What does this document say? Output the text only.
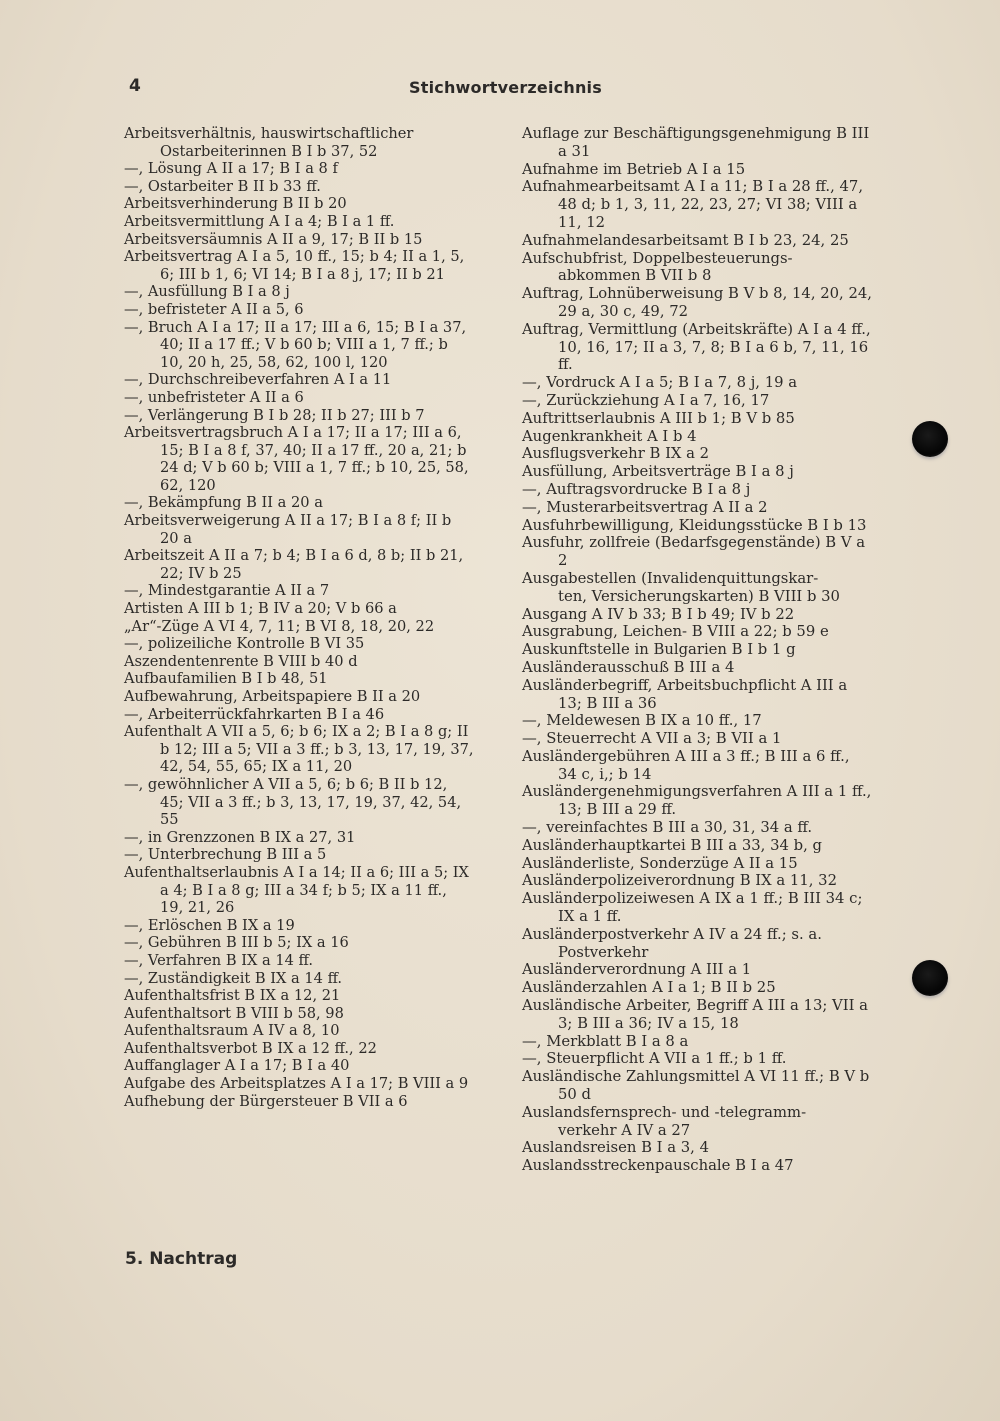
4	Stichwortverzeichnis

Arbeitsverhältnis, hauswirtschaftlicher
Ostarbeiterinnen B I b 37, 52

—, Lösung A II a 17; B I a 8 f

—, Ostarbeiter B II b 33 ff.

Arbeitsverhinderung B II b 20

Arbeitsvermittlung A I a 4; B I a 1 ff.

Arbeitsversäumnis A II a 9, 17; B II b 15

Arbeitsvertrag A I a 5, 10 ff., 15; b 4; II a 1, 5, 6; III b 1, 6; VI 14; B I a 8 j, 17; II b 21

—, Ausfüllung B I a 8 j

—, befristeter A II a 5, 6

—, Bruch A I a 17; II a 17; III a 6, 15; B I a 37, 40; II a 17 ff.; V b 60 b; VIII a 1, 7 ff.; b 10, 20 h, 25, 58, 62, 100 l, 120

—, Durchschreibeverfahren A I a 11

—, unbefristeter A II a 6

—, Verlängerung B I b 28; II b 27; III b 7

Arbeitsvertragsbruch A I a 17; II a 17; III a 6, 15; B I a 8 f, 37, 40; II a 17 ff., 20 a, 21; b 24 d; V b 60 b; VIII a 1, 7 ff.; b 10, 25, 58, 62, 120

—, Bekämpfung B II a 20 a

Arbeitsverweigerung A II a 17; B I a 8 f; II b 20 a

Arbeitszeit A II a 7; b 4; B I a 6 d, 8 b; II b 21, 22; IV b 25

—, Mindestgarantie A II a 7

Artisten A III b 1; B IV a 20; V b 66 a

„Ar“-Züge A VI 4, 7, 11; B VI 8, 18, 20, 22

—, polizeiliche Kontrolle B VI 35

Aszendentenrente B VIII b 40 d

Aufbaufamilien B I b 48, 51

Aufbewahrung, Arbeitspapiere B II a 20

—, Arbeiterrückfahrkarten B I a 46

Aufenthalt A VII a 5, 6; b 6; IX a 2; B I a 8 g; II b 12; III a 5; VII a 3 ff.; b 3, 13, 17, 19, 37, 42, 54, 55, 65; IX a 11, 20

—, gewöhnlicher A VII a 5, 6; b 6; B II b 12, 45; VII a 3 ff.; b 3, 13, 17, 19, 37, 42, 54, 55

—, in Grenzzonen B IX a 27, 31

—, Unterbrechung B III a 5

Aufenthaltserlaubnis A I a 14; II a 6; III a 5; IX a 4; B I a 8 g; III a 34 f; b 5; IX a 11 ff., 19, 21, 26

—, Erlöschen B IX a 19

—, Gebühren B III b 5; IX a 16

—, Verfahren B IX a 14 ff.

—, Zuständigkeit B IX a 14 ff.

Aufenthaltsfrist B IX a 12, 21

Aufenthaltsort B VIII b 58, 98

Aufenthaltsraum A IV a 8, 10

Aufenthaltsverbot B IX a 12 ff., 22

Auffanglager A I a 17; B I a 40

Aufgabe des Arbeitsplatzes A I a 17; B VIII a 9

Aufhebung der Bürgersteuer B VII a 6

Auflage zur Beschäftigungsgenehmigung B III a 31

Aufnahme im Betrieb A I a 15

Aufnahmearbeitsamt A I a 11; B I a 28 ff., 47, 48 d; b 1, 3, 11, 22, 23, 27; VI 38; VIII a 11, 12

Aufnahmelandesarbeitsamt B I b 23, 24, 25

Aufschubfrist, Doppelbesteuerungs-
abkommen B VII b 8

Auftrag, Lohnüberweisung B V b 8, 14, 20, 24, 29 a, 30 c, 49, 72

Auftrag, Vermittlung (Arbeitskräfte) A I a 4 ff., 10, 16, 17; II a 3, 7, 8; B I a 6 b, 7, 11, 16 ff.

—, Vordruck A I a 5; B I a 7, 8 j, 19 a

—, Zurückziehung A I a 7, 16, 17

Auftrittserlaubnis A III b 1; B V b 85

Augenkrankheit A I b 4

Ausflugsverkehr B IX a 2

Ausfüllung, Arbeitsverträge B I a 8 j

—, Auftragsvordrucke B I a 8 j

—, Musterarbeitsvertrag A II a 2

Ausfuhrbewilligung, Kleidungsstücke B I b 13

Ausfuhr, zollfreie (Bedarfsgegenstände) B V a 2

Ausgabestellen (Invalidenquittungskar-
ten, Versicherungskarten) B VIII b 30

Ausgang A IV b 33; B I b 49; IV b 22

Ausgrabung, Leichen- B VIII a 22; b 59 e

Auskunftstelle in Bulgarien B I b 1 g

Ausländerausschuß B III a 4

Ausländerbegriff, Arbeitsbuchpflicht A III a 13; B III a 36

—, Meldewesen B IX a 10 ff., 17

—, Steuerrecht A VII a 3; B VII a 1

Ausländergebühren A III a 3 ff.; B III a 6 ff., 34 c, i,; b 14

Ausländergenehmigungsverfahren A III a 1 ff., 13; B III a 29 ff.

—, vereinfachtes B III a 30, 31, 34 a ff.

Ausländerhauptkartei B III a 33, 34 b, g

Ausländerliste, Sonderzüge A II a 15

Ausländerpolizeiverordnung B IX a 11, 32

Ausländerpolizeiwesen A IX a 1 ff.; B III 34 c; IX a 1 ff.

Ausländerpostverkehr A IV a 24 ff.; s. a. Postverkehr

Ausländerverordnung A III a 1

Ausländerzahlen A I a 1; B II b 25

Ausländische Arbeiter, Begriff A III a 13; VII a 3; B III a 36; IV a 15, 18

—, Merkblatt B I a 8 a

—, Steuerpflicht A VII a 1 ff.; b 1 ff.

Ausländische Zahlungsmittel A VI 11 ff.; B V b 50 d

Auslandsfernsprech- und -telegramm-
verkehr A IV a 27

Auslandsreisen B I a 3, 4

Auslandsstreckenpauschale B I a 47

5. Nachtrag
